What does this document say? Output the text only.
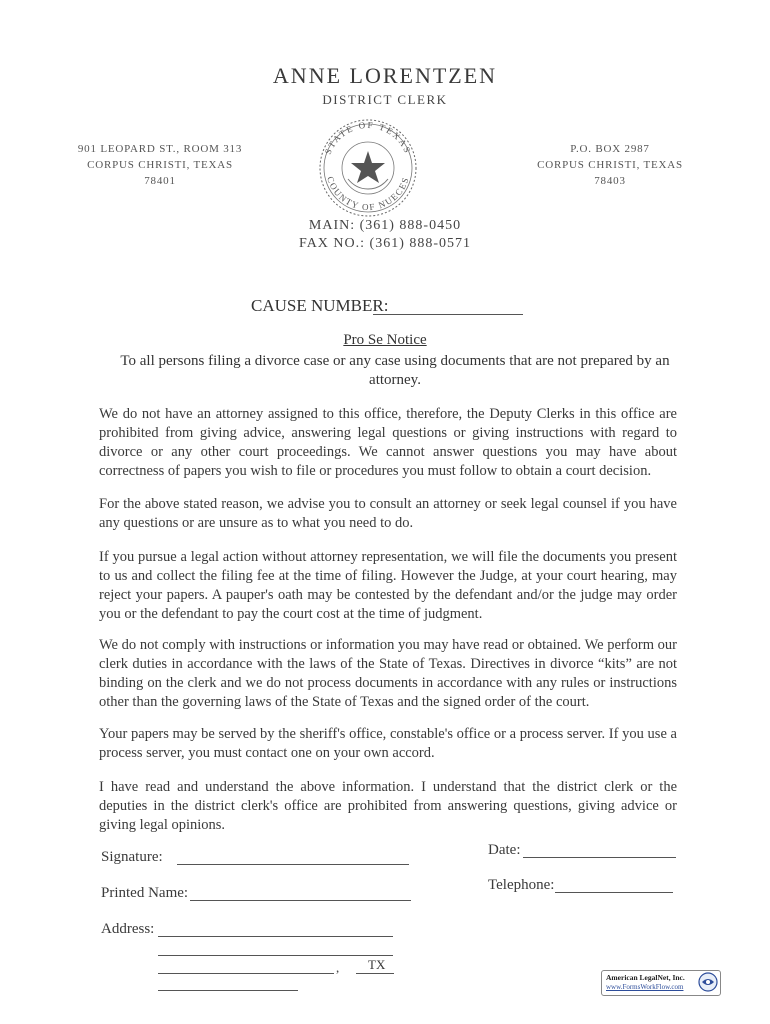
ANNE LORENTZEN
DISTRICT CLERK
901 LEOPARD ST., ROOM 313
CORPUS CHRISTI, TEXAS
78401
STATE OF TEXAS
COUNTY OF NUECES
P.O. BOX 2987
CORPUS CHRISTI, TEXAS
78403
MAIN: (361) 888-0450
FAX NO.: (361) 888-0571
CAUSE NUMBER:
Pro Se Notice
To all persons filing a divorce case or any case using documents that are not prepared by an attorney.
We do not have an attorney assigned to this office, therefore, the Deputy Clerks in this office are prohibited from giving advice, answering legal questions or giving instructions with regard to divorce or any other court proceedings. We cannot answer questions you may have about correctness of papers you wish to file or procedures you must follow to obtain a court decision.
For the above stated reason, we advise you to consult an attorney or seek legal counsel if you have any questions or are unsure as to what you need to do.
If you pursue a legal action without attorney representation, we will file the documents you present to us and collect the filing fee at the time of filing. However the Judge, at your court hearing, may reject your papers. A pauper's oath may be contested by the defendant and/or the judge may order you or the defendant to pay the court cost at the time of judgment.
We do not comply with instructions or information you may have read or obtained. We perform our clerk duties in accordance with the laws of the State of Texas. Directives in divorce “kits” are not binding on the clerk and we do not process documents in accordance with any rules or instructions other than the governing laws of the State of Texas and the signed order of the court.
Your papers may be served by the sheriff's office, constable's office or a process server. If you use a process server, you must contact one on your own accord.
I have read and understand the above information. I understand that the district clerk or the deputies in the district clerk's office are prohibited from answering questions, giving advice or giving legal opinions.
Signature:	Date:
Printed Name:	Telephone:
Address:
, TX
American LegalNet, Inc.
www.FormsWorkFlow.com
